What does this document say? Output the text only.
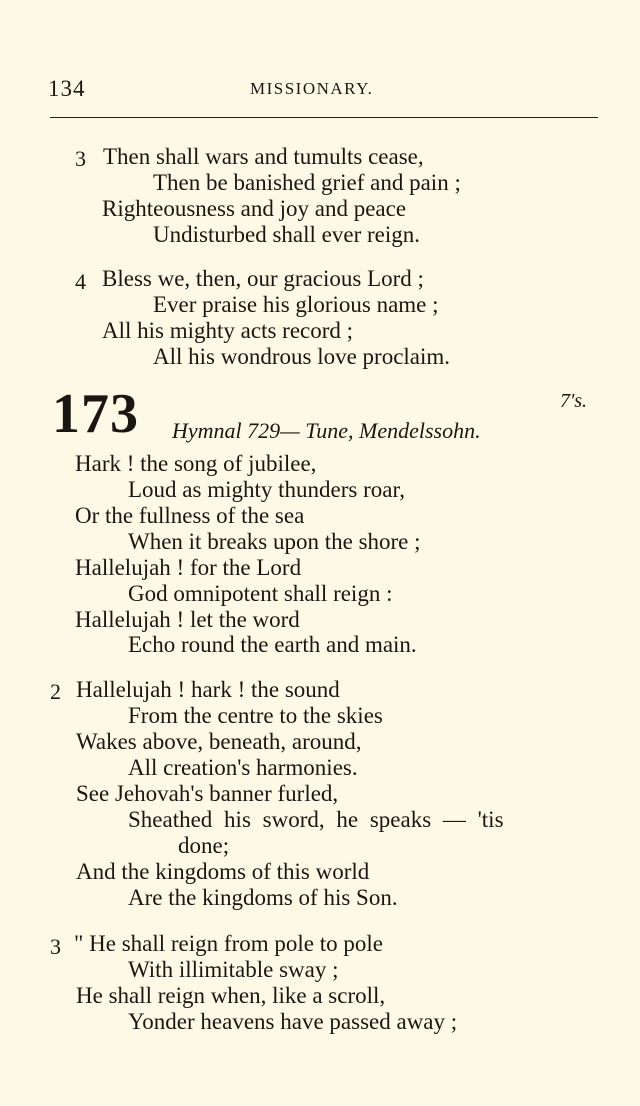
134	MISSIONARY.
3 Then shall wars and tumults cease,
Then be banished grief and pain ;
Righteousness and joy and peace
Undisturbed shall ever reign.
4 Bless we, then, our gracious Lord ;
Ever praise his glorious name ;
All his mighty acts record ;
All his wondrous love proclaim.
173	7's.
Hymnal 729— Tune, Mendelssohn.
Hark ! the song of jubilee,
Loud as mighty thunders roar,
Or the fullness of the sea
When it breaks upon the shore ;
Hallelujah ! for the Lord
God omnipotent shall reign :
Hallelujah ! let the word
Echo round the earth and main.
2 Hallelujah ! hark ! the sound
From the centre to the skies
Wakes above, beneath, around,
All creation's harmonies.
See Jehovah's banner furled,
Sheathed his sword, he speaks — 'tis
done;
And the kingdoms of this world
Are the kingdoms of his Son.
3 " He shall reign from pole to pole
With illimitable sway ;
He shall reign when, like a scroll,
Yonder heavens have passed away ;
